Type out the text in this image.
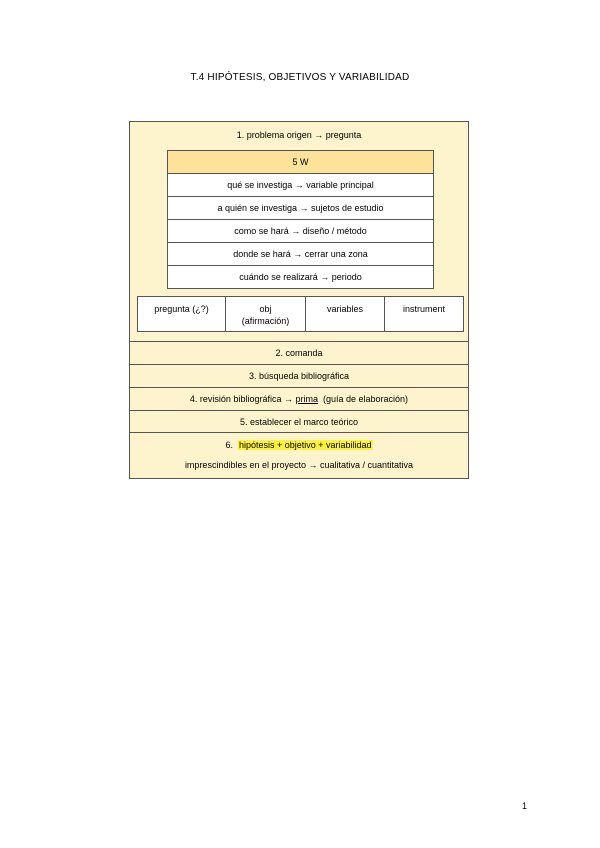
T.4 HIPÓTESIS, OBJETIVOS Y VARIABILIDAD
1. problema origen → pregunta
5 W
qué se investiga → variable principal
a quién se investiga → sujetos de estudio
como se hará → diseño / método
donde se hará → cerrar una zona
cuándo se realizará → periodo
pregunta (¿?)	obj
(afirmación)
variables	instrument
2. comanda
3. búsqueda bibliográfica
4. revisión bibliográfica → prima  (guía de elaboración)
5. establecer el marco teórico
6.  hipótesis + objetivo + variabilidad
imprescindibles en el proyecto → cualitativa / cuantitativa
1
